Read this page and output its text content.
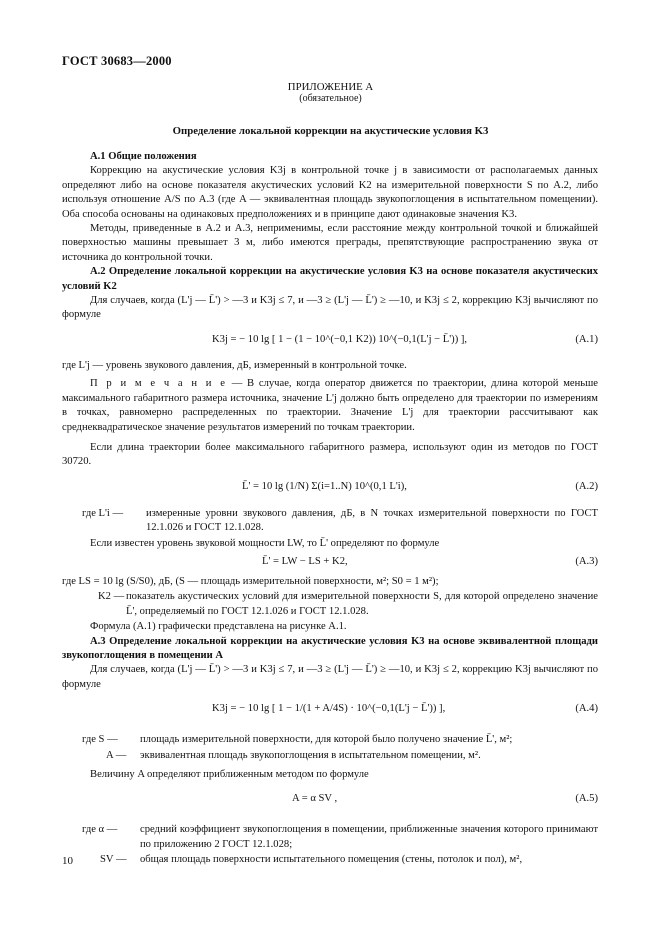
ГОСТ 30683—2000
ПРИЛОЖЕНИЕ А
(обязательное)
Определение локальной коррекции на акустические условия K3

А.1 Общие положения

Коррекцию на акустические условия K3j в контрольной точке j в зависимости от располагаемых данных определяют либо на основе показателя акустических условий K2 на измерительной поверхности S по А.2, либо используя отношение A/S по А.3 (где A — эквивалентная площадь звукопоглощения в испытательном помещении). Оба способа основаны на одинаковых предположениях и в принципе дают одинаковые значения K3.

Методы, приведенные в А.2 и А.3, неприменимы, если расстояние между контрольной точкой и ближайшей поверхностью машины превышает 3 м, либо имеются преграды, препятствующие распространению звука от источника до контрольной точки.

А.2 Определение локальной коррекции на акустические условия K3 на основе показателя акустических условий K2

Для случаев, когда (L'j — L̄') > —3 и K3j ≤ 7, и —3 ≥ (L'j — L̄') ≥ —10, и K3j ≤ 2, коррекцию K3j вычисляют по формуле

K3j = − 10 lg [ 1 − (1 − 10^(−0,1 K2)) 10^(−0,1(L'j − L̄')) ],	(А.1)

где L'j — уровень звукового давления, дБ, измеренный в контрольной точке.

П р и м е ч а н и е — В случае, когда оператор движется по траектории, длина которой меньше максимального габаритного размера источника, значение L'j должно быть определено для траектории по измерениям в точках, равномерно распределенных по траектории. Значение L'j для траектории рассчитывают как среднеквадратическое значение результатов измерений по точкам траектории.

Если длина траектории более максимального габаритного размера, используют один из методов по ГОСТ 30720.

L̄' = 10 lg (1/N) Σ(i=1..N) 10^(0,1 L'i),	(А.2)
где L'i —	измеренные уровни звукового давления, дБ, в N точках измерительной поверхности по ГОСТ 12.1.026 и ГОСТ 12.1.028.

Если известен уровень звуковой мощности LW, то L̄' определяют по формуле

L̄' = LW − LS + K2,	(А.3)

где LS = 10 lg (S/S0), дБ, (S — площадь измерительной поверхности, м²; S0 = 1 м²);

K2 — показатель акустических условий для измерительной поверхности S, для которой определено значение L̄', определяемый по ГОСТ 12.1.026 и ГОСТ 12.1.028.

Формула (А.1) графически представлена на рисунке А.1.

А.3 Определение локальной коррекции на акустические условия K3 на основе эквивалентной площади звукопоглощения в помещении A

Для случаев, когда (L'j — L̄') > —3 и K3j ≤ 7, и —3 ≥ (L'j — L̄') ≥ —10, и K3j ≤ 2, коррекцию K3j вычисляют по формуле

K3j = − 10 lg [ 1 − 1/(1 + A/4S) · 10^(−0,1(L'j − L̄')) ],	(А.4)
где S —	площадь измерительной поверхности, для которой было получено значение L̄', м²;
A —	эквивалентная площадь звукопоглощения в испытательном помещении, м².

Величину A определяют приближенным методом по формуле

A = α SV ,	(А.5)
где α —	средний коэффициент звукопоглощения в помещении, приближенные значения которого принимают по приложению 2 ГОСТ 12.1.028;
SV —	общая площадь поверхности испытательного помещения (стены, потолок и пол), м²,
10
